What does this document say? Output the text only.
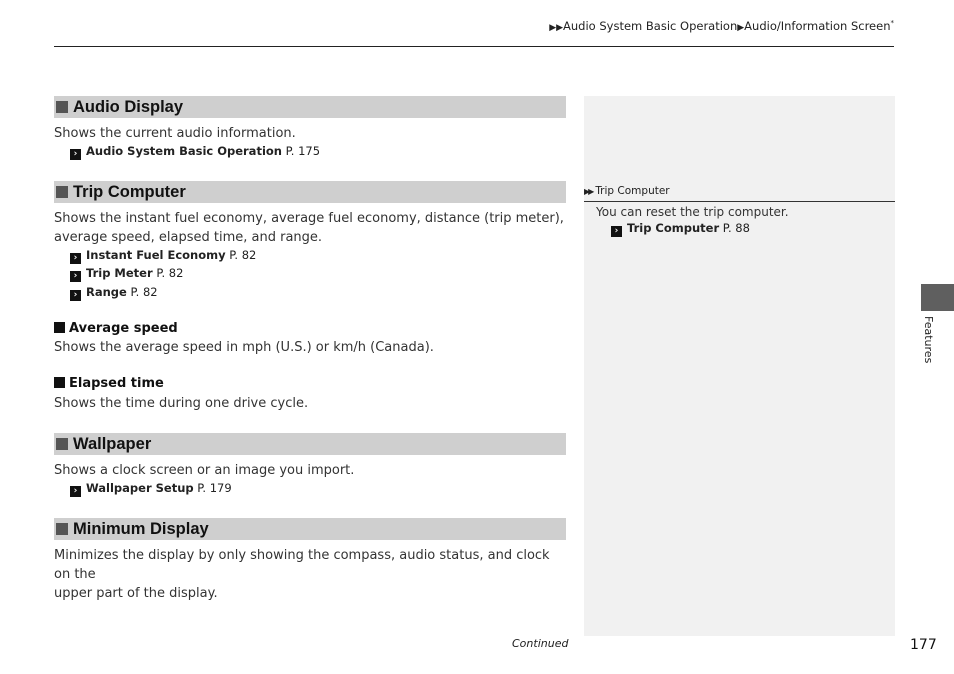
▶▶Audio System Basic Operation▶Audio/Information Screen*
▶▶ Trip Computer
You can reset the trip computer.
› Trip Computer P. 88
Audio Display
Shows the current audio information.
› Audio System Basic Operation P. 175
Trip Computer
Shows the instant fuel economy, average fuel economy, distance (trip meter),
average speed, elapsed time, and range.
› Instant Fuel Economy P. 82
› Trip Meter P. 82
› Range P. 82
Average speed
Shows the average speed in mph (U.S.) or km/h (Canada).
Elapsed time
Shows the time during one drive cycle.
Wallpaper
Shows a clock screen or an image you import.
› Wallpaper Setup P. 179
Minimum Display
Minimizes the display by only showing the compass, audio status, and clock on the
upper part of the display.
Features
Continued	177
